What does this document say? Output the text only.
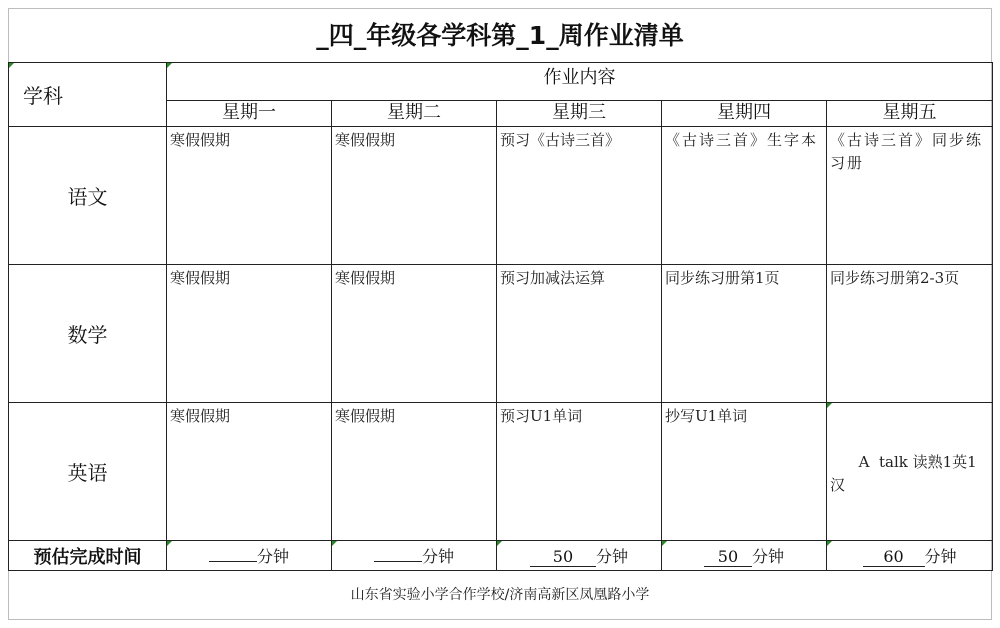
_四_年级各学科第_1_周作业清单
学科	作业内容				
	星期一	星期二	星期三	星期四	星期五
语文	寒假假期	寒假假期	预习《古诗三首》	《古诗三首》生字本	《古诗三首》同步练习册
数学	寒假假期	寒假假期	预习加减法运算	同步练习册第1页	同步练习册第2-3页
英语	寒假假期	寒假假期	预习U1单词	抄写U1单词	A  talk 读熟1英1汉

预估完成时间	分钟	分钟	50 分钟	50 分钟	60 分钟
山东省实验小学合作学校/济南高新区凤凰路小学
